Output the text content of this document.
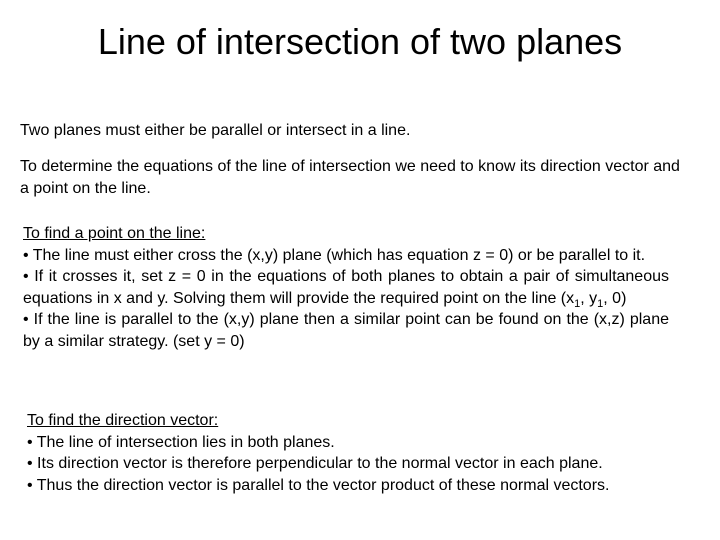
Line of intersection of two planes
Two planes must either be parallel or intersect in a line.
To determine the equations of the line of intersection we need to know its direction vector and a point on the line.
To find a point on the line:
• The line must either cross the (x,y) plane (which has equation z = 0) or be parallel to it.
• If it crosses it, set z = 0 in the equations of both planes to obtain a pair of simultaneous equations in x and y. Solving them will provide the required point on the line ($x_1$, $y_1$, 0)
• If the line is parallel to the (x,y) plane then a similar point can be found on the (x,z) plane by a similar strategy. (set y = 0)
To find the direction vector:
• The line of intersection lies in both planes.
• Its direction vector is therefore perpendicular to the normal vector in each plane.
• Thus the direction vector is parallel to the vector product of these normal vectors.
